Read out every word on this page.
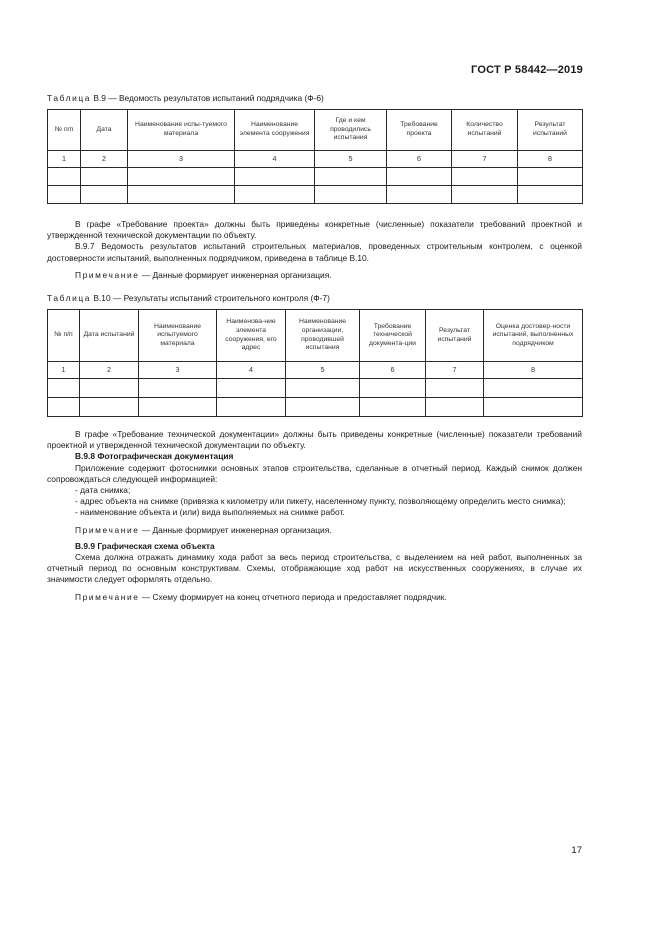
ГОСТ Р 58442—2019
Таблица В.9 — Ведомость результатов испытаний подрядчика (Ф-6)
№ п/п	Дата	Наименование испы-туемого материала	Наименование элемента сооружения	Где и кем проводились испытания	Требование проекта	Количество испытаний	Результат испытаний
1	2	3	4	5	6	7	8

В графе «Требование проекта» должны быть приведены конкретные (численные) показатели требований проектной и утвержденной технической документации по объекту.

В.9.7 Ведомость результатов испытаний строительных материалов, проведенных строительным контролем, с оценкой достоверности испытаний, выполненных подрядчиком, приведена в таблице В.10.

Примечание — Данные формирует инженерная организация.

Таблица В.10 — Результаты испытаний строительного контроля (Ф-7)
№ п/п	Дата испытаний	Наименование испытуемого материала	Наименова-ние элемента сооружения, его адрес	Наименование организации, проводившей испытания	Требование технической документа-ции	Результат испытаний	Оценка достовер-ности испытаний, выполненных подрядчиком
1	2	3	4	5	6	7	8

В графе «Требование технической документации» должны быть приведены конкретные (численные) показатели требований проектной и утвержденной технической документации по объекту.

В.9.8 Фотографическая документация

Приложение содержит фотоснимки основных этапов строительства, сделанные в отчетный период. Каждый снимок должен сопровождаться следующей информацией:

- дата снимка;

- адрес объекта на снимке (привязка к километру или пикету, населенному пункту, позволяющему определить место снимка);

- наименование объекта и (или) вида выполняемых на снимке работ.

Примечание — Данные формирует инженерная организация.

В.9.9 Графическая схема объекта

Схема должна отражать динамику хода работ за весь период строительства, с выделением на ней работ, выполненных за отчетный период по основным конструктивам. Схемы, отображающие ход работ на искусственных сооружениях, в случае их значимости следует оформлять отдельно.

Примечание — Схему формирует на конец отчетного периода и предоставляет подрядчик.

17
